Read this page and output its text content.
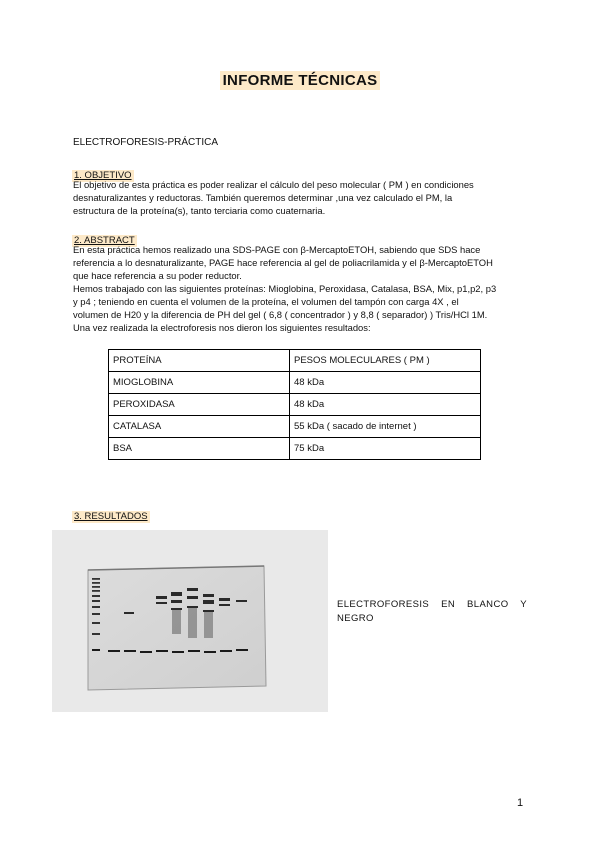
INFORME TÉCNICAS
ELECTROFORESIS-PRÁCTICA
1. OBJETIVO
El objetivo de esta práctica es poder realizar el cálculo del peso molecular ( PM ) en condiciones
desnaturalizantes y reductoras. También queremos determinar ,una vez calculado el PM, la
estructura de la proteína(s), tanto terciaria como cuaternaria.
2. ABSTRACT
En esta práctica hemos realizado una SDS-PAGE con β-MercaptoETOH, sabiendo que SDS hace
referencia a lo desnaturalizante, PAGE hace referencia al gel de poliacrilamida y el β-MercaptoETOH
que hace referencia a su poder reductor.
Hemos trabajado con las siguientes proteínas: Mioglobina, Peroxidasa, Catalasa, BSA, Mix, p1,p2, p3
y p4 ; teniendo en cuenta el volumen de la proteína, el volumen del tampón con carga 4X , el
volumen de H20 y la diferencia de PH del gel ( 6,8 ( concentrador ) y 8,8 ( separador) ) Tris/HCl 1M.
Una vez realizada la electroforesis nos dieron los siguientes resultados:
PROTEÍNA	PESOS MOLECULARES ( PM )
MIOGLOBINA	48 kDa
PEROXIDASA	48 kDa
CATALASA	55 kDa ( sacado de internet )
BSA	75 kDa
3. RESULTADOS
ELECTROFORESIS EN BLANCO Y NEGRO
1
